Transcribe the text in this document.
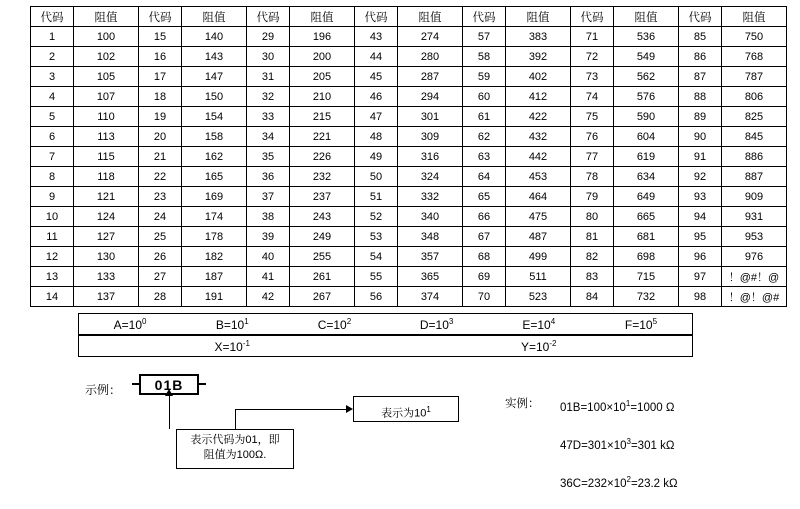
代码	阻值	代码	阻值	代码	阻值	代码	阻值	代码	阻值	代码	阻值	代码	阻值
1	100	15	140	29	196	43	274	57	383	71	536	85	750
2	102	16	143	30	200	44	280	58	392	72	549	86	768
3	105	17	147	31	205	45	287	59	402	73	562	87	787
4	107	18	150	32	210	46	294	60	412	74	576	88	806
5	110	19	154	33	215	47	301	61	422	75	590	89	825
6	113	20	158	34	221	48	309	62	432	76	604	90	845
7	115	21	162	35	226	49	316	63	442	77	619	91	886
8	118	22	165	36	232	50	324	64	453	78	634	92	887
9	121	23	169	37	237	51	332	65	464	79	649	93	909
10	124	24	174	38	243	52	340	66	475	80	665	94	931
11	127	25	178	39	249	53	348	67	487	81	681	95	953
12	130	26	182	40	255	54	357	68	499	82	698	96	976
13	133	27	187	41	261	55	365	69	511	83	715	97	！@#！@
14	137	28	191	42	267	56	374	70	523	84	732	98	！@！@#
$A=10^0$	$B=10^1$	$C=10^2$	$D=10^3$	$E=10^4$	$F=10^5$
$X=10^{-1}$	$Y=10^{-2}$
示例：	01B
表示代码为01，即
阻值为100Ω.
表示为$10^1$	实例： $01B=100\times 10^1=1000$ Ω
$47D=301\times 10^3=301$ kΩ
$36C=232\times 10^2=23.2$ kΩ
